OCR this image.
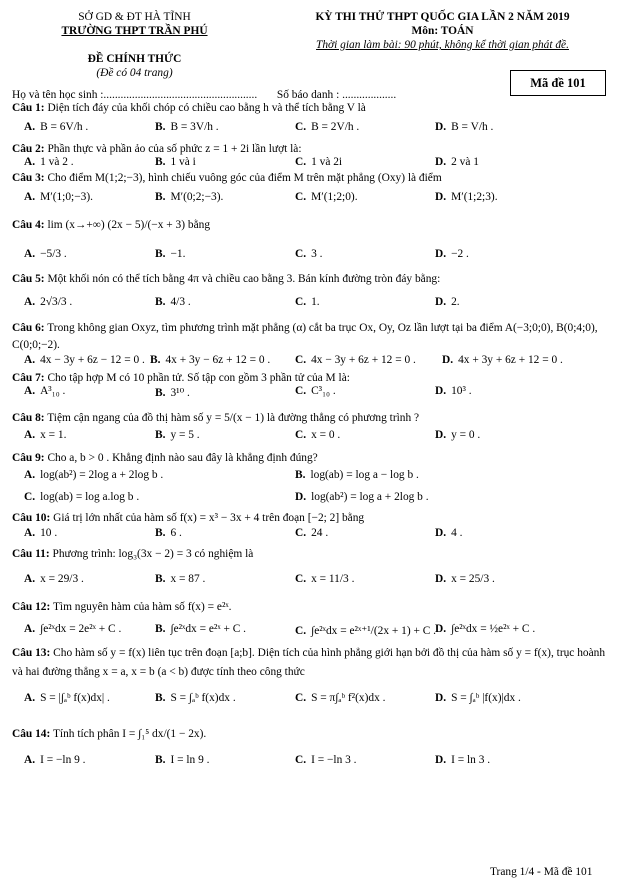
SỞ GD & ĐT HÀ TĨNH
TRƯỜNG THPT TRẦN PHÚ
ĐỀ CHÍNH THỨC
(Đề có 04 trang)
KỲ THI THỬ THPT QUỐC GIA LẦN 2 NĂM 2019
Môn: TOÁN
Thời gian làm bài: 90 phút, không kể thời gian phát đề.
Mã đề 101
Họ và tên học sinh :...................................................... Số báo danh : ...................
Câu 1: Diện tích đáy của khối chóp có chiều cao bằng h và thể tích bằng V là
A. B = 6V/h .	B. B = 3V/h .	C. B = 2V/h .	D. B = V/h .
Câu 2: Phần thực và phần ảo của số phức z = 1 + 2i lần lượt là:
A. 1 và 2 .	B. 1 và i	C. 1 và 2i	D. 2 và 1
Câu 3: Cho điểm M(1;2;−3), hình chiếu vuông góc của điểm M trên mặt phẳng (Oxy) là điểm
A. M′(1;0;−3).	B. M′(0;2;−3).	C. M′(1;2;0).	D. M′(1;2;3).
Câu 4: lim (x→+∞) (2x − 5)/(−x + 3) bằng
A. −5/3 .	B. −1.	C. 3 .	D. −2 .
Câu 5: Một khối nón có thể tích bằng 4π và chiều cao bằng 3. Bán kính đường tròn đáy bằng:
A. 2√3/3 .	B. 4/3 .	C. 1.	D. 2.
Câu 6: Trong không gian Oxyz, tìm phương trình mặt phẳng (α) cắt ba trục Ox, Oy, Oz lần lượt tại ba điểm A(−3;0;0), B(0;4;0), C(0;0;−2).
A. 4x − 3y + 6z − 12 = 0 . B. 4x + 3y − 6z + 12 = 0 . C. 4x − 3y + 6z + 12 = 0 . D. 4x + 3y + 6z + 12 = 0 .
Câu 7: Cho tập hợp M có 10 phần tử. Số tập con gồm 3 phần tử của M là:
A. A³₁₀ .	B. 3¹⁰ .	C. C³₁₀ .	D. 10³ .
Câu 8: Tiệm cận ngang của đồ thị hàm số y = 5/(x − 1) là đường thẳng có phương trình ?
A. x = 1.	B. y = 5 .	C. x = 0 .	D. y = 0 .
Câu 9: Cho a, b > 0 . Khẳng định nào sau đây là khẳng định đúng?
A. log(ab²) = 2log a + 2log b .	B. log(ab) = log a − log b .
C. log(ab) = log a.log b .	D. log(ab²) = log a + 2log b .
Câu 10: Giá trị lớn nhất của hàm số f(x) = x³ − 3x + 4 trên đoạn [−2; 2] bằng
A. 10 .	B. 6 .	C. 24 .	D. 4 .
Câu 11: Phương trình: log₃(3x − 2) = 3 có nghiệm là
A. x = 29/3 .	B. x = 87 .	C. x = 11/3 .	D. x = 25/3 .
Câu 12: Tìm nguyên hàm của hàm số f(x) = e²ˣ.
A. ∫e²ˣdx = 2e²ˣ + C .	B. ∫e²ˣdx = e²ˣ + C .	C. ∫e²ˣdx = e²ˣ⁺¹/(2x + 1) + C .
D. ∫e²ˣdx = ½e²ˣ + C .
Câu 13: Cho hàm số y = f(x) liên tục trên đoạn [a;b]. Diện tích của hình phẳng giới hạn bởi đồ thị của hàm số y = f(x), trục hoành và hai đường thẳng x = a, x = b (a < b) được tính theo công thức
A. S = |∫ₐᵇ f(x)dx| .	B. S = ∫ₐᵇ f(x)dx .	C. S = π∫ₐᵇ f²(x)dx .	D. S = ∫ₐᵇ |f(x)|dx .
Câu 14: Tính tích phân I = ∫₁⁵ dx/(1 − 2x).
A. I = −ln 9 .	B. I = ln 9 .	C. I = −ln 3 .	D. I = ln 3 .
Trang 1/4 - Mã đề 101
